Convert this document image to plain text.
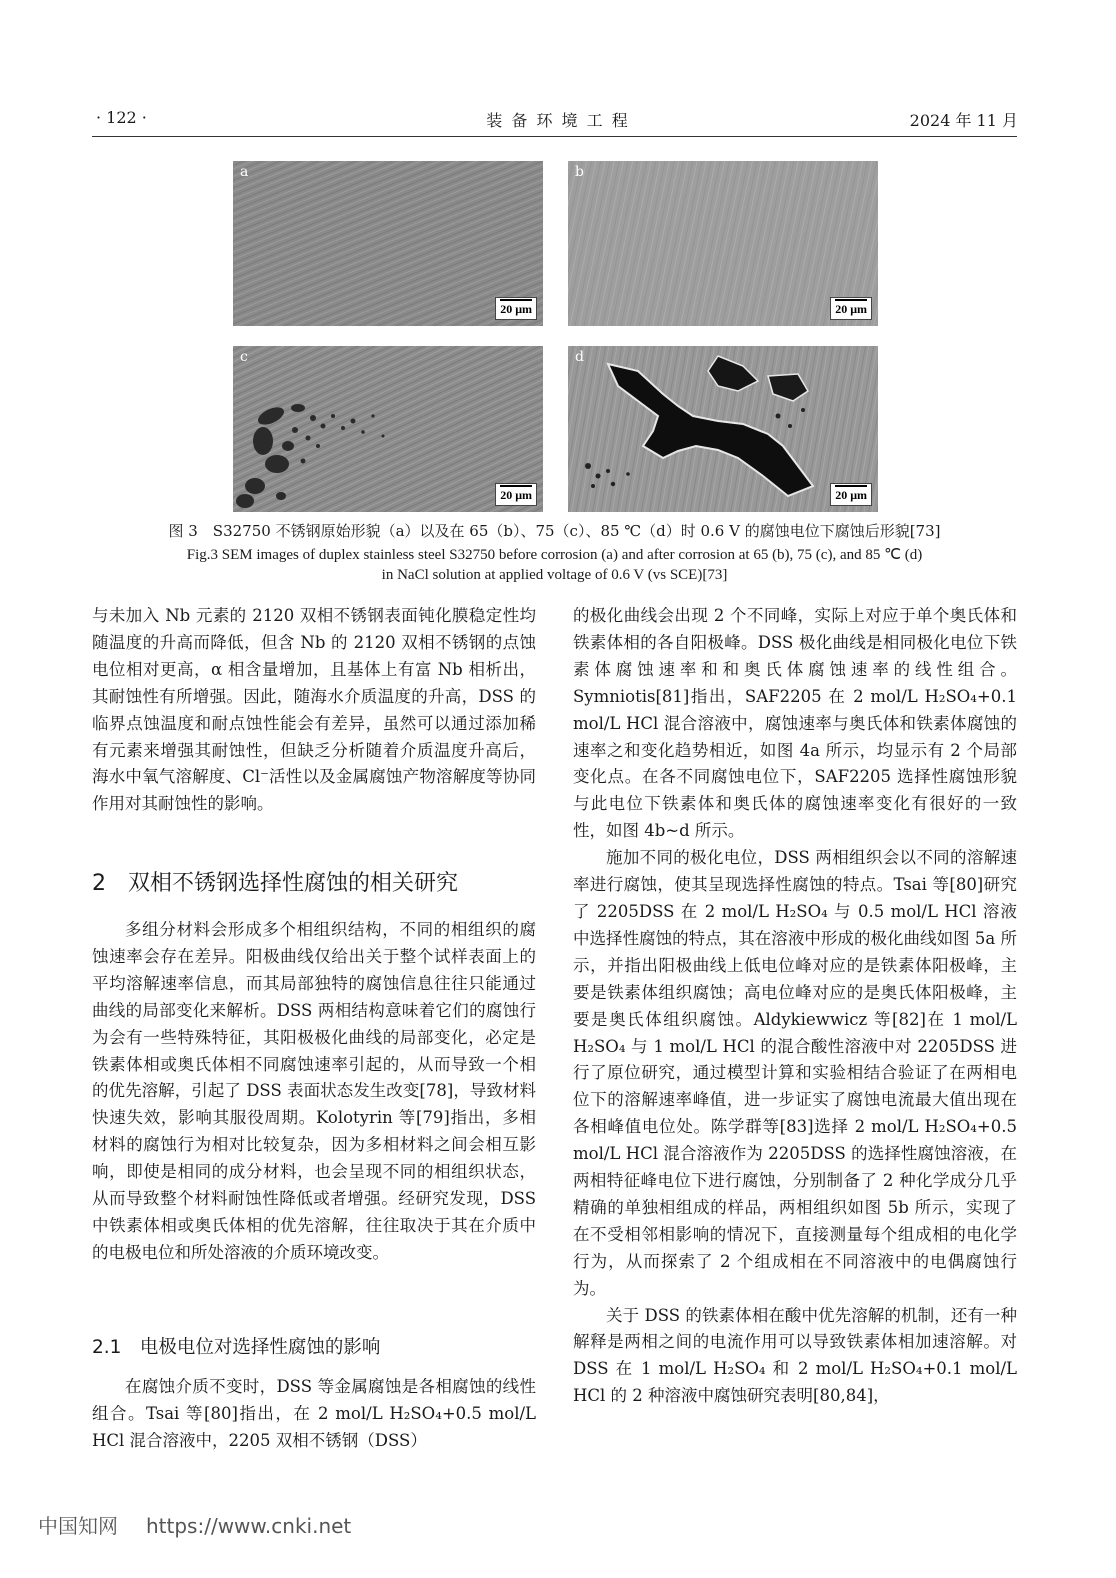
· 122 ·	装 备 环 境 工 程	2024 年 11 月
a
20 μm
b
20 μm
c
20 μm
d
20 μm
图 3　S32750 不锈钢原始形貌（a）以及在 65（b）、75（c）、85 ℃（d）时 0.6 V 的腐蚀电位下腐蚀后形貌[73]
Fig.3 SEM images of duplex stainless steel S32750 before corrosion (a) and after corrosion at 65 (b), 75 (c), and 85 ℃ (d)
in NaCl solution at applied voltage of 0.6 V (vs SCE)[73]

与未加入 Nb 元素的 2120 双相不锈钢表面钝化膜稳定性均随温度的升高而降低，但含 Nb 的 2120 双相不锈钢的点蚀电位相对更高，α 相含量增加，且基体上有富 Nb 相析出，其耐蚀性有所增强。因此，随海水介质温度的升高，DSS 的临界点蚀温度和耐点蚀性能会有差异，虽然可以通过添加稀有元素来增强其耐蚀性，但缺乏分析随着介质温度升高后，海水中氧气溶解度、Cl⁻活性以及金属腐蚀产物溶解度等协同作用对其耐蚀性的影响。

2　双相不锈钢选择性腐蚀的相关研究

多组分材料会形成多个相组织结构，不同的相组织的腐蚀速率会存在差异。阳极曲线仅给出关于整个试样表面上的平均溶解速率信息，而其局部独特的腐蚀信息往往只能通过曲线的局部变化来解析。DSS 两相结构意味着它们的腐蚀行为会有一些特殊特征，其阳极极化曲线的局部变化，必定是铁素体相或奥氏体相不同腐蚀速率引起的，从而导致一个相的优先溶解，引起了 DSS 表面状态发生改变[78]，导致材料快速失效，影响其服役周期。Kolotyrin 等[79]指出，多相材料的腐蚀行为相对比较复杂，因为多相材料之间会相互影响，即使是相同的成分材料，也会呈现不同的相组织状态，从而导致整个材料耐蚀性降低或者增强。经研究发现，DSS 中铁素体相或奥氏体相的优先溶解，往往取决于其在介质中的电极电位和所处溶液的介质环境改变。

2.1　电极电位对选择性腐蚀的影响

在腐蚀介质不变时，DSS 等金属腐蚀是各相腐蚀的线性组合。Tsai 等[80]指出，在 2 mol/L H₂SO₄+0.5 mol/L HCl 混合溶液中，2205 双相不锈钢（DSS）

的极化曲线会出现 2 个不同峰，实际上对应于单个奥氏体和铁素体相的各自阳极峰。DSS 极化曲线是相同极化电位下铁素体腐蚀速率和和奥氏体腐蚀速率的线性组合。Symniotis[81]指出，SAF2205 在 2 mol/L H₂SO₄+0.1 mol/L HCl 混合溶液中，腐蚀速率与奥氏体和铁素体腐蚀的速率之和变化趋势相近，如图 4a 所示，均显示有 2 个局部变化点。在各不同腐蚀电位下，SAF2205 选择性腐蚀形貌与此电位下铁素体和奥氏体的腐蚀速率变化有很好的一致性，如图 4b~d 所示。

施加不同的极化电位，DSS 两相组织会以不同的溶解速率进行腐蚀，使其呈现选择性腐蚀的特点。Tsai 等[80]研究了 2205DSS 在 2 mol/L H₂SO₄ 与 0.5 mol/L HCl 溶液中选择性腐蚀的特点，其在溶液中形成的极化曲线如图 5a 所示，并指出阳极曲线上低电位峰对应的是铁素体阳极峰，主要是铁素体组织腐蚀；高电位峰对应的是奥氏体阳极峰，主要是奥氏体组织腐蚀。Aldykiewwicz 等[82]在 1 mol/L H₂SO₄ 与 1 mol/L HCl 的混合酸性溶液中对 2205DSS 进行了原位研究，通过模型计算和实验相结合验证了在两相电位下的溶解速率峰值，进一步证实了腐蚀电流最大值出现在各相峰值电位处。陈学群等[83]选择 2 mol/L H₂SO₄+0.5 mol/L HCl 混合溶液作为 2205DSS 的选择性腐蚀溶液，在两相特征峰电位下进行腐蚀，分别制备了 2 种化学成分几乎精确的单独相组成的样品，两相组织如图 5b 所示，实现了在不受相邻相影响的情况下，直接测量每个组成相的电化学行为，从而探索了 2 个组成相在不同溶液中的电偶腐蚀行为。

关于 DSS 的铁素体相在酸中优先溶解的机制，还有一种解释是两相之间的电流作用可以导致铁素体相加速溶解。对 DSS 在 1 mol/L H₂SO₄ 和 2 mol/L H₂SO₄+0.1 mol/L HCl 的 2 种溶液中腐蚀研究表明[80,84]，

中国知网 https://www.cnki.net
